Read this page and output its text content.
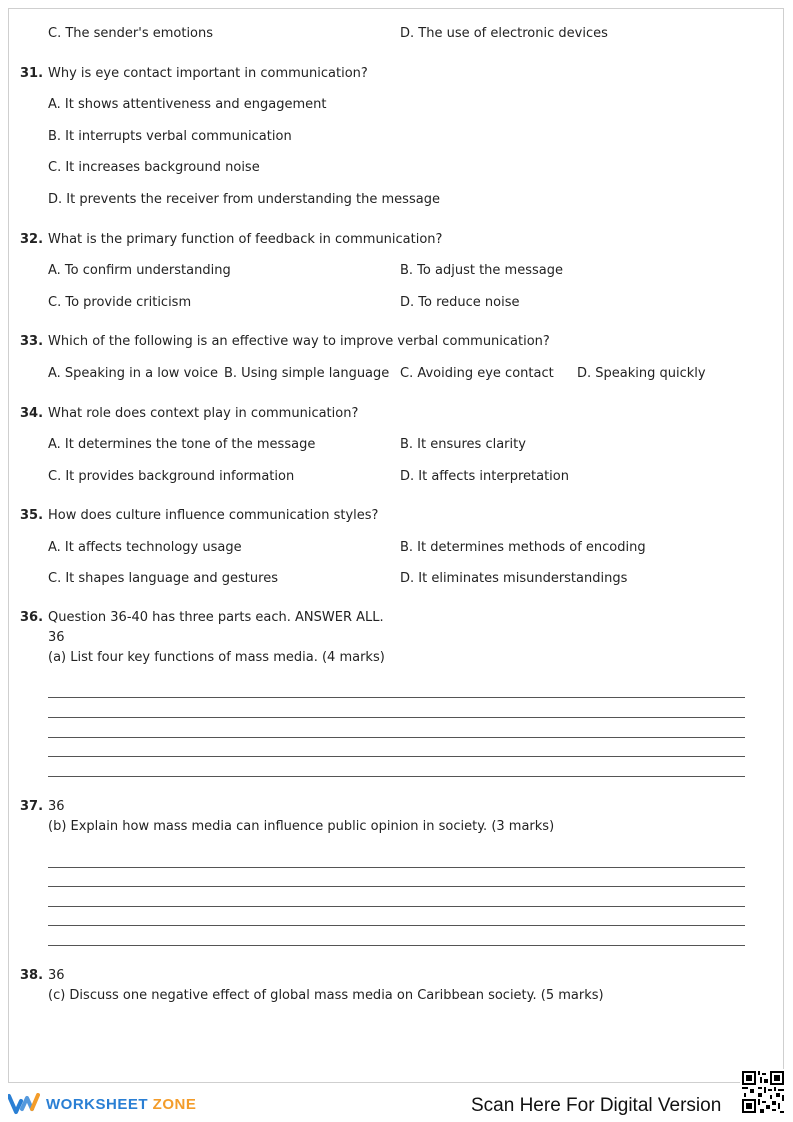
C. The sender's emotions	D. The use of electronic devices
31. Why is eye contact important in communication?
A. It shows attentiveness and engagement
B. It interrupts verbal communication
C. It increases background noise
D. It prevents the receiver from understanding the message
32. What is the primary function of feedback in communication?
A. To confirm understanding	B. To adjust the message
C. To provide criticism	D. To reduce noise
33. Which of the following is an effective way to improve verbal communication?
A. Speaking in a low voice B. Using simple language C. Avoiding eye contact D. Speaking quickly
34. What role does context play in communication?
A. It determines the tone of the message	B. It ensures clarity
C. It provides background information	D. It affects interpretation
35. How does culture influence communication styles?
A. It affects technology usage	B. It determines methods of encoding
C. It shapes language and gestures	D. It eliminates misunderstandings
36. Question 36-40 has three parts each. ANSWER ALL.
36
(a) List four key functions of mass media. (4 marks)
37. 36
(b) Explain how mass media can influence public opinion in society. (3 marks)
38. 36
(c) Discuss one negative effect of global mass media on Caribbean society. (5 marks)
WORKSHEET ZONE	Scan Here For Digital Version
